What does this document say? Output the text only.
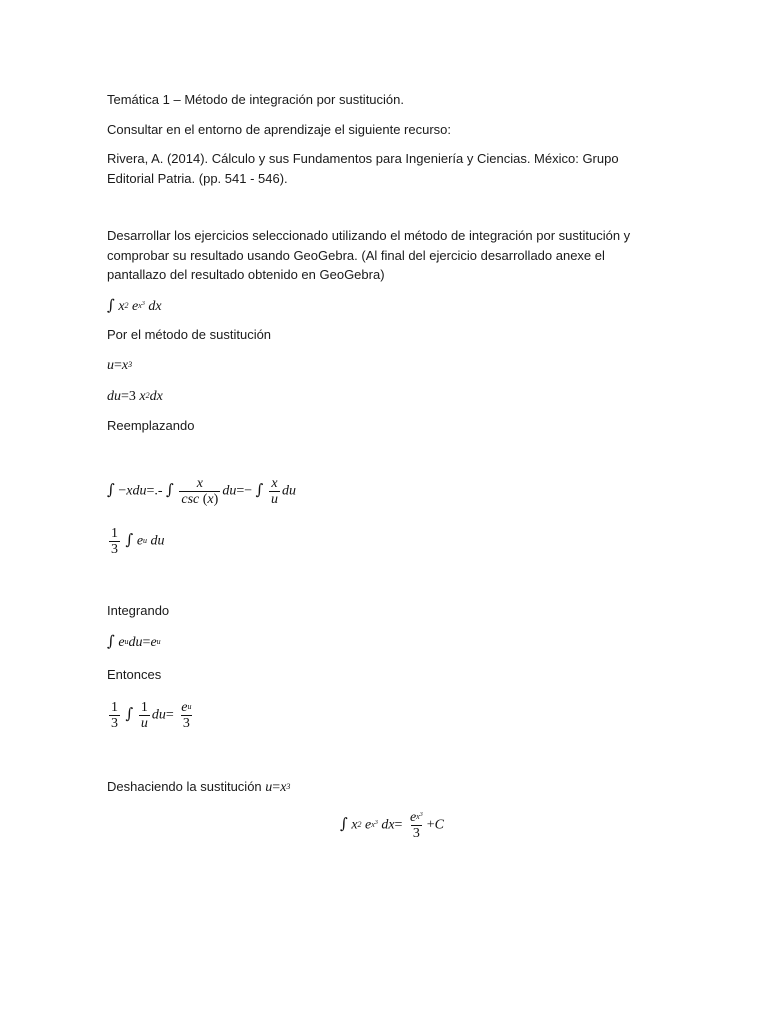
Temática 1 – Método de integración por sustitución.

Consultar en el entorno de aprendizaje el siguiente recurso:

Rivera, A. (2014). Cálculo y sus Fundamentos para Ingeniería y Ciencias. México: Grupo Editorial Patria. (pp. 541 - 546).

Desarrollar los ejercicios seleccionado utilizando el método de integración por sustitución y comprobar su resultado usando GeoGebra. (Al final del ejercicio desarrollado anexe el pantallazo del resultado obtenido en GeoGebra)

∫ $x^2$ $e^{x^3}$ dx

Por el método de sustitución

$u=x^3$
du=3 $x^2dx$

Reemplazando

∫ −xdu=.- ∫ $\frac{x}{\csc (x)} du=-$ ∫ $\frac{x}{u}$ du
$\frac{1}{3}$ ∫ $e^u$ du

Integrando

∫ $e^udu=e^u$

Entonces

$\frac{1}{3}$ ∫ $\frac{1}{u} du= \frac{e^u}{3}$
Deshaciendo la sustitución $u=x^3$
∫ $x^2$ $e^{x^3}$ $dx= \frac{e^{x^3}}{3} +C$
